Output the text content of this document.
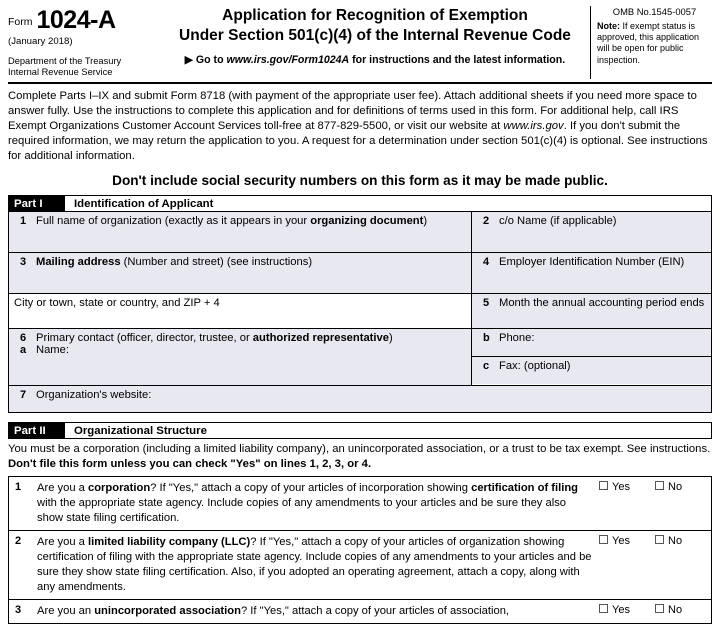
Form 1024-A
(January 2018)
Department of the Treasury
Internal Revenue Service
Application for Recognition of Exemption
Under Section 501(c)(4) of the Internal Revenue Code
▶ Go to www.irs.gov/Form1024A for instructions and the latest information.
OMB No.1545-0057
Note: If exempt status is approved, this application will be open for public inspection.
Complete Parts I–IX and submit Form 8718 (with payment of the appropriate user fee). Attach additional sheets if you need more space to answer fully. Use the instructions to complete this application and for definitions of terms used in this form. For additional help, call IRS Exempt Organizations Customer Account Services toll-free at 877-829-5500, or visit our website at www.irs.gov. If you don't submit the required information, we may return the application to you. A request for a determination under section 501(c)(4) is optional. See instructions for additional information.
Don't include social security numbers on this form as it may be made public.
Part I	Identification of Applicant
1 Full name of organization (exactly as it appears in your organizing document)	2 c/o Name (if applicable)
3 Mailing address (Number and street) (see instructions)	4 Employer Identification Number (EIN)
City or town, state or country, and ZIP + 4	5 Month the annual accounting period ends
6 Primary contact (officer, director, trustee, or authorized representative)
a Name:
b Phone:
c Fax: (optional)
7 Organization's website:
Part II	Organizational Structure
You must be a corporation (including a limited liability company), an unincorporated association, or a trust to be tax exempt. See instructions. Don't file this form unless you can check "Yes" on lines 1, 2, 3, or 4.
1	Are you a corporation? If "Yes," attach a copy of your articles of incorporation showing certification of filing with the appropriate state agency. Include copies of any amendments to your articles and be sure they also show state filing certification.
Yes	No
2	Are you a limited liability company (LLC)? If "Yes," attach a copy of your articles of organization showing certification of filing with the appropriate state agency. Include copies of any amendments to your articles and be sure they show state filing certification. Also, if you adopted an operating agreement, attach a copy, along with any amendments.
Yes	No
3	Are you an unincorporated association? If "Yes," attach a copy of your articles of association,	Yes	No
